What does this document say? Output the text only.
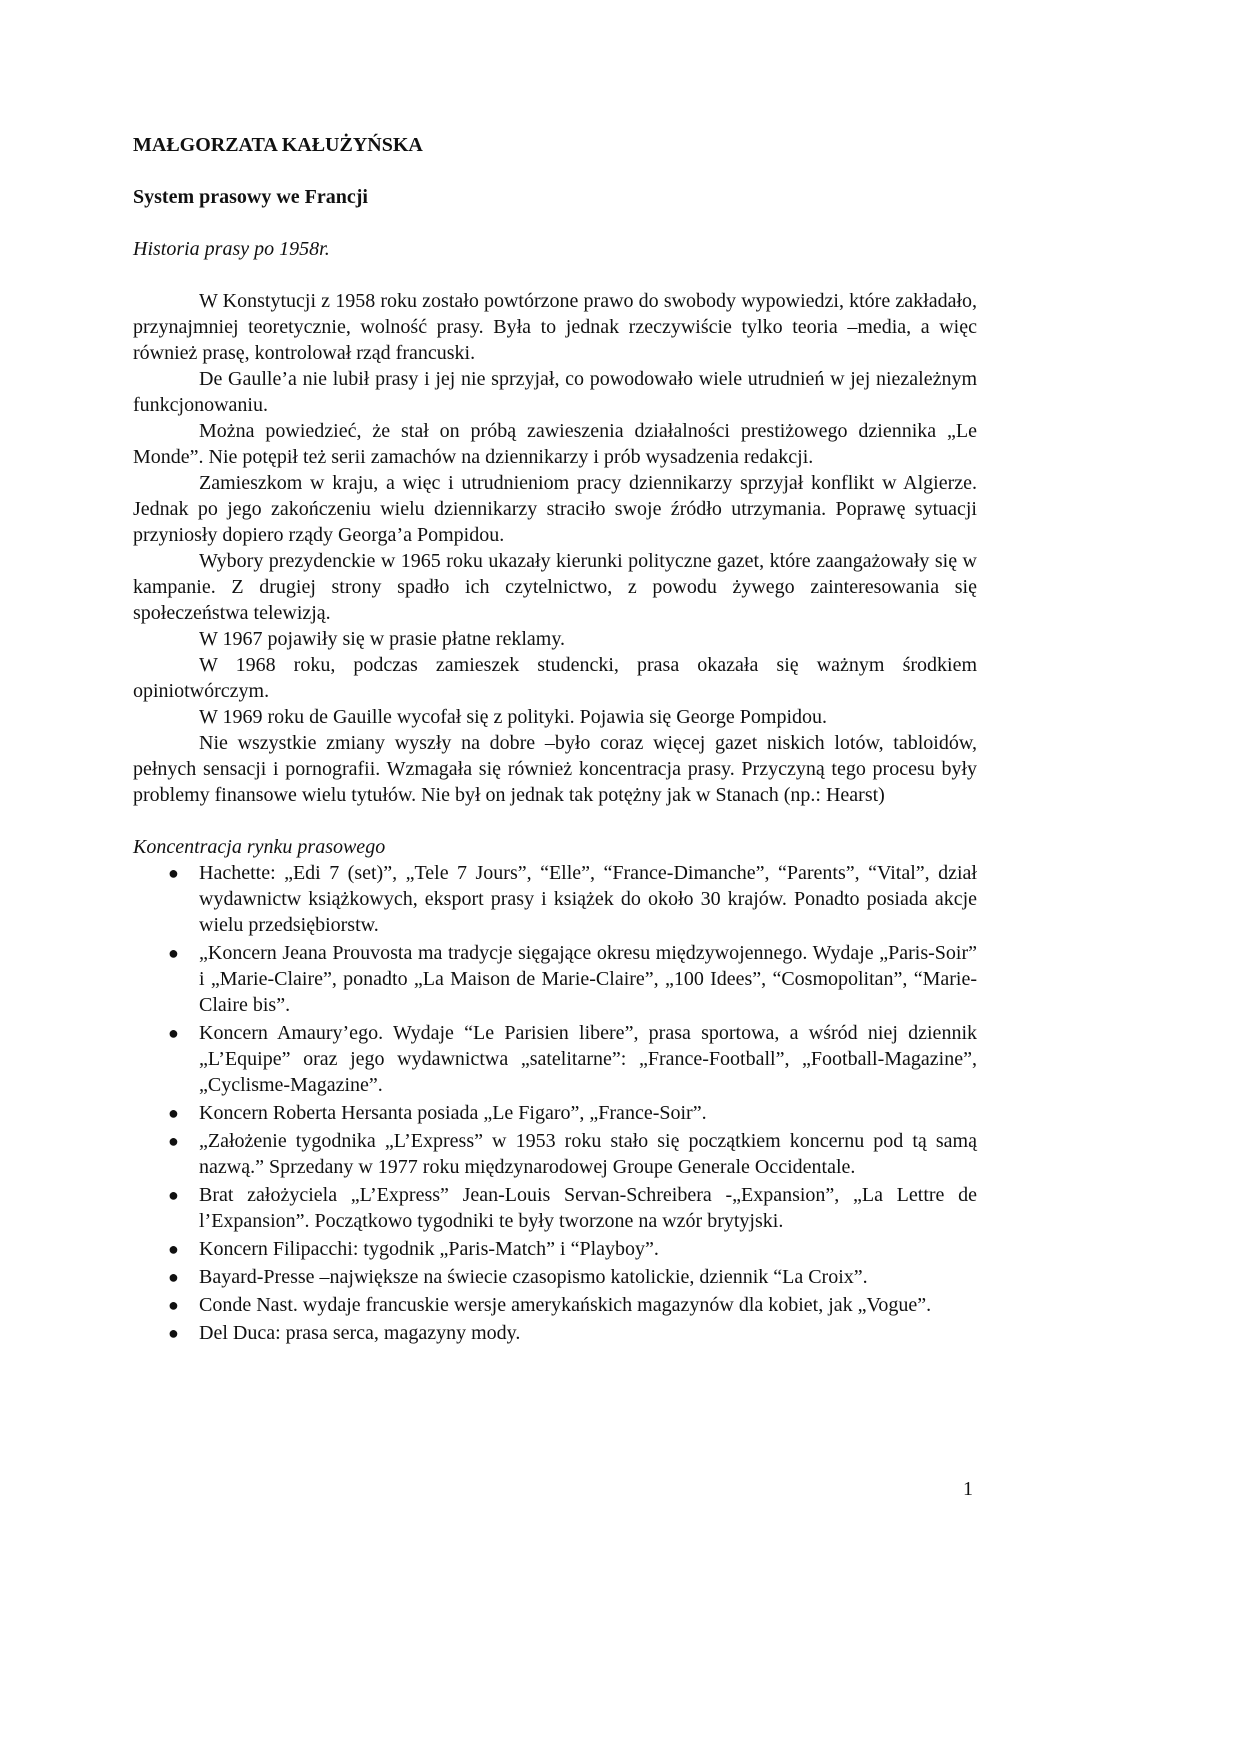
MAŁGORZATA KAŁUŻYŃSKA
System prasowy we Francji
Historia prasy po 1958r.

W Konstytucji z 1958 roku zostało powtórzone prawo do swobody wypowiedzi, które zakładało, przynajmniej teoretycznie, wolność prasy. Była to jednak rzeczywiście tylko teoria –media, a więc również prasę, kontrolował rząd francuski.

De Gaulle’a nie lubił prasy i jej nie sprzyjał, co powodowało wiele utrudnień w jej niezależnym funkcjonowaniu.

Można powiedzieć, że stał on próbą zawieszenia działalności prestiżowego dziennika „Le Monde”. Nie potępił też serii zamachów na dziennikarzy i prób wysadzenia redakcji.

Zamieszkom w kraju, a więc i utrudnieniom pracy dziennikarzy sprzyjał konflikt w Algierze. Jednak po jego zakończeniu wielu dziennikarzy straciło swoje źródło utrzymania. Poprawę sytuacji przyniosły dopiero rządy Georga’a Pompidou.

Wybory prezydenckie w 1965 roku ukazały kierunki polityczne gazet, które zaangażowały się w kampanie. Z drugiej strony spadło ich czytelnictwo, z powodu żywego zainteresowania się społeczeństwa telewizją.

W 1967 pojawiły się w prasie płatne reklamy.

W 1968 roku, podczas zamieszek studencki, prasa okazała się ważnym środkiem opiniotwórczym.

W 1969 roku de Gauille wycofał się z polityki. Pojawia się George Pompidou.

Nie wszystkie zmiany wyszły na dobre –było coraz więcej gazet niskich lotów, tabloidów, pełnych sensacji i pornografii. Wzmagała się również koncentracja prasy. Przyczyną tego procesu były problemy finansowe wielu tytułów. Nie był on jednak tak potężny jak w Stanach (np.: Hearst)

Koncentracja rynku prasowego
● Hachette: „Edi 7 (set)”, „Tele 7 Jours”, “Elle”, “France-Dimanche”, “Parents”, “Vital”, dział wydawnictw książkowych, eksport prasy i książek do około 30 krajów. Ponadto posiada akcje wielu przedsiębiorstw.
● „Koncern Jeana Prouvosta ma tradycje sięgające okresu międzywojennego. Wydaje „Paris-Soir” i „Marie-Claire”, ponadto „La Maison de Marie-Claire”, „100 Idees”, “Cosmopolitan”, “Marie-Claire bis”.
● Koncern Amaury’ego. Wydaje “Le Parisien libere”, prasa sportowa, a wśród niej dziennik „L’Equipe” oraz jego wydawnictwa „satelitarne”: „France-Football”, „Football-Magazine”, „Cyclisme-Magazine”.
● Koncern Roberta Hersanta posiada „Le Figaro”, „France-Soir”.
● „Założenie tygodnika „L’Express” w 1953 roku stało się początkiem koncernu pod tą samą nazwą.” Sprzedany w 1977 roku międzynarodowej Groupe Generale Occidentale.
● Brat założyciela „L’Express” Jean-Louis Servan-Schreibera -„Expansion”, „La Lettre de l’Expansion”. Początkowo tygodniki te były tworzone na wzór brytyjski.
● Koncern Filipacchi: tygodnik „Paris-Match” i “Playboy”.
● Bayard-Presse –największe na świecie czasopismo katolickie, dziennik “La Croix”.
● Conde Nast. wydaje francuskie wersje amerykańskich magazynów dla kobiet, jak „Vogue”.
● Del Duca: prasa serca, magazyny mody.
1
